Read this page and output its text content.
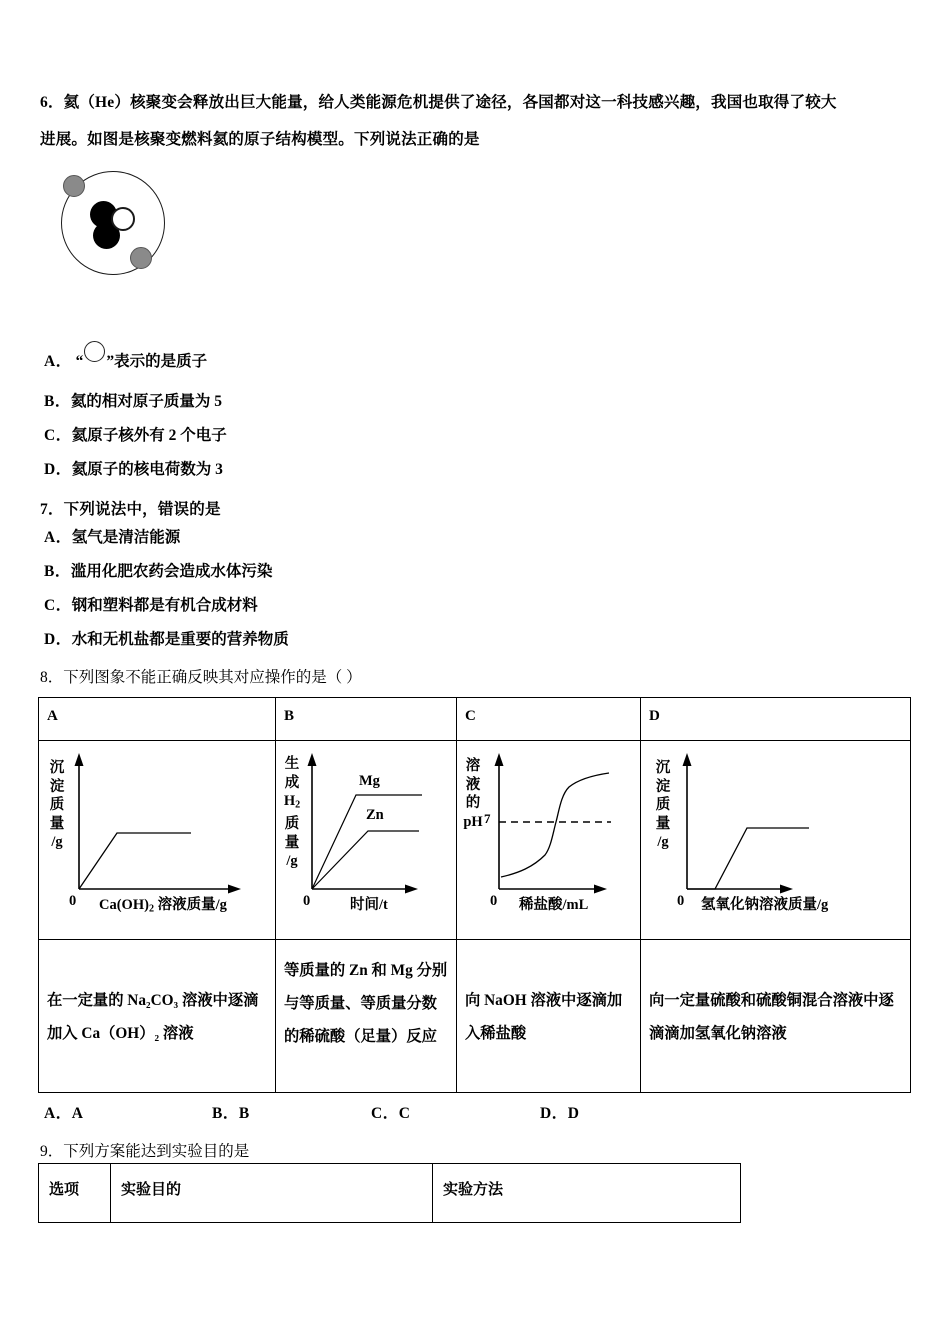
6．氦（He）核聚变会释放出巨大能量，给人类能源危机提供了途径，各国都对这一科技感兴趣，我国也取得了较大
进展。如图是核聚变燃料氦的原子结构模型。下列说法正确的是
A． “ ”表示的是质子
B．氦的相对原子质量为 5
C．氦原子核外有 2 个电子
D．氦原子的核电荷数为 3
7．下列说法中，错误的是
A．氢气是清洁能源
B．滥用化肥农药会造成水体污染
C．钢和塑料都是有机合成材料
D．水和无机盐都是重要的营养物质
8．下列图象不能正确反映其对应操作的是（ ）
A	B	C	D

沉
淀
质
量
/g
0 $Ca(OH)_2$ 溶液质量/g

生
成
$H_2$
质
量
/g
Mg
Zn
0	时间/t

溶
液
的
pH 7
0 稀盐酸/mL

沉
淀
质
量
/g
0 氢氧化钠溶液质量/g

在一定量的 Na₂CO₃ 溶液中逐滴加入 Ca（OH）₂ 溶液	等质量的 Zn 和 Mg 分别与等质量、等质量分数的稀硫酸（足量）反应	向 NaOH 溶液中逐滴加入稀盐酸	向一定量硫酸和硫酸铜混合溶液中逐滴滴加氢氧化钠溶液
A．A	B．B	C．C	D．D
9．下列方案能达到实验目的是
选项	实验目的	实验方法
